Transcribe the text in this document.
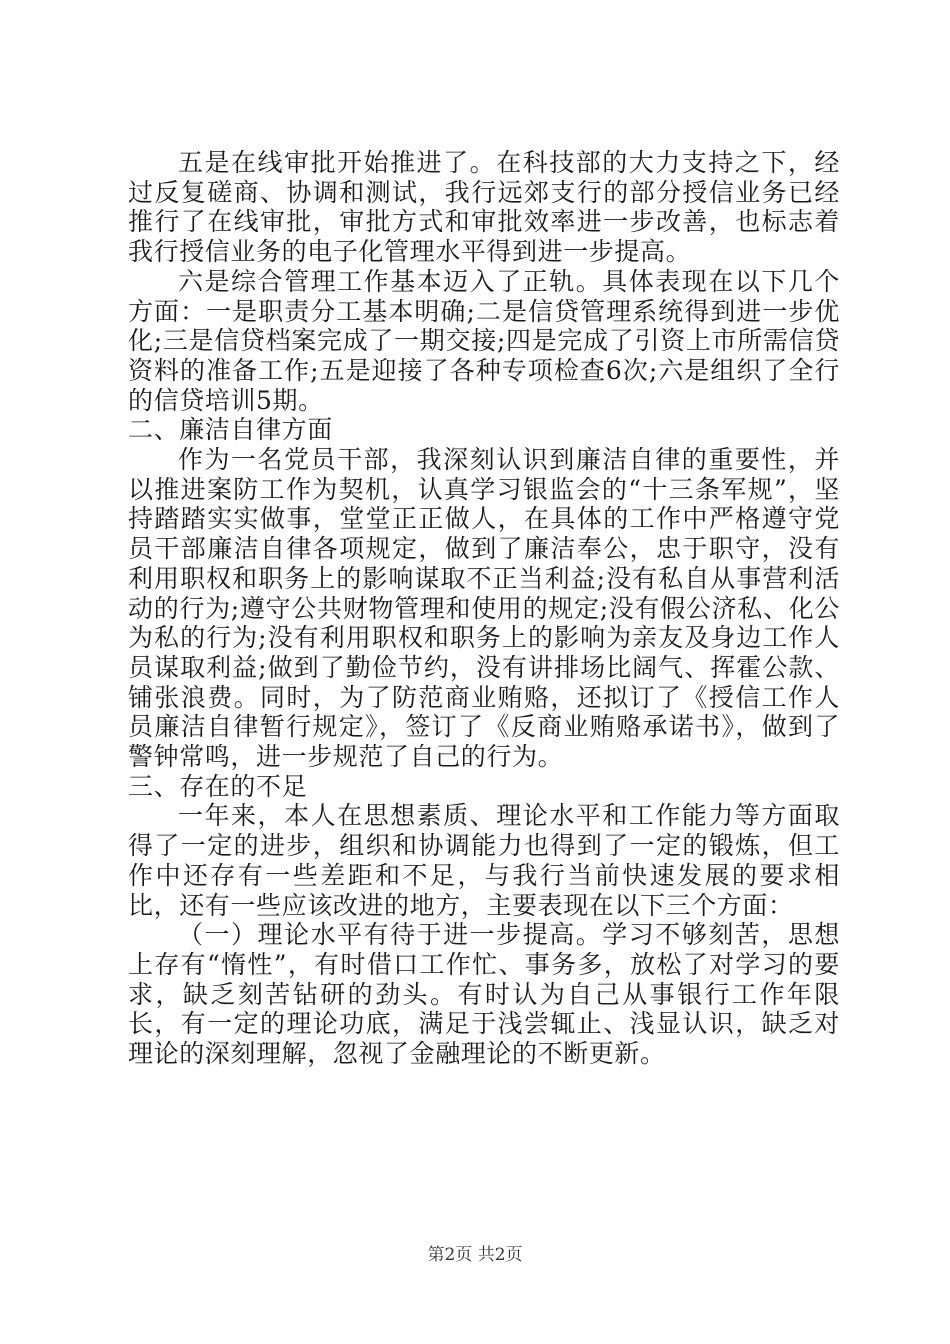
五是在线审批开始推进了。在科技部的大力支持之下，经过反复磋商、协调和测试，我行远郊支行的部分授信业务已经推行了在线审批，审批方式和审批效率进一步改善，也标志着我行授信业务的电子化管理水平得到进一步提高。

六是综合管理工作基本迈入了正轨。具体表现在以下几个方面：一是职责分工基本明确;二是信贷管理系统得到进一步优化;三是信贷档案完成了一期交接;四是完成了引资上市所需信贷资料的准备工作;五是迎接了各种专项检查6次;六是组织了全行的信贷培训5期。

二、廉洁自律方面

作为一名党员干部，我深刻认识到廉洁自律的重要性，并以推进案防工作为契机，认真学习银监会的“十三条军规”，坚持踏踏实实做事，堂堂正正做人，在具体的工作中严格遵守党员干部廉洁自律各项规定，做到了廉洁奉公，忠于职守，没有利用职权和职务上的影响谋取不正当利益;没有私自从事营利活动的行为;遵守公共财物管理和使用的规定;没有假公济私、化公为私的行为;没有利用职权和职务上的影响为亲友及身边工作人员谋取利益;做到了勤俭节约，没有讲排场比阔气、挥霍公款、铺张浪费。同时，为了防范商业贿赂，还拟订了《授信工作人员廉洁自律暂行规定》，签订了《反商业贿赂承诺书》，做到了警钟常鸣，进一步规范了自己的行为。

三、存在的不足

一年来，本人在思想素质、理论水平和工作能力等方面取得了一定的进步，组织和协调能力也得到了一定的锻炼，但工作中还存有一些差距和不足，与我行当前快速发展的要求相比，还有一些应该改进的地方，主要表现在以下三个方面：

（一）理论水平有待于进一步提高。学习不够刻苦，思想上存有“惰性”，有时借口工作忙、事务多，放松了对学习的要求，缺乏刻苦钻研的劲头。有时认为自己从事银行工作年限长，有一定的理论功底，满足于浅尝辄止、浅显认识，缺乏对理论的深刻理解，忽视了金融理论的不断更新。

第2页 共2页
